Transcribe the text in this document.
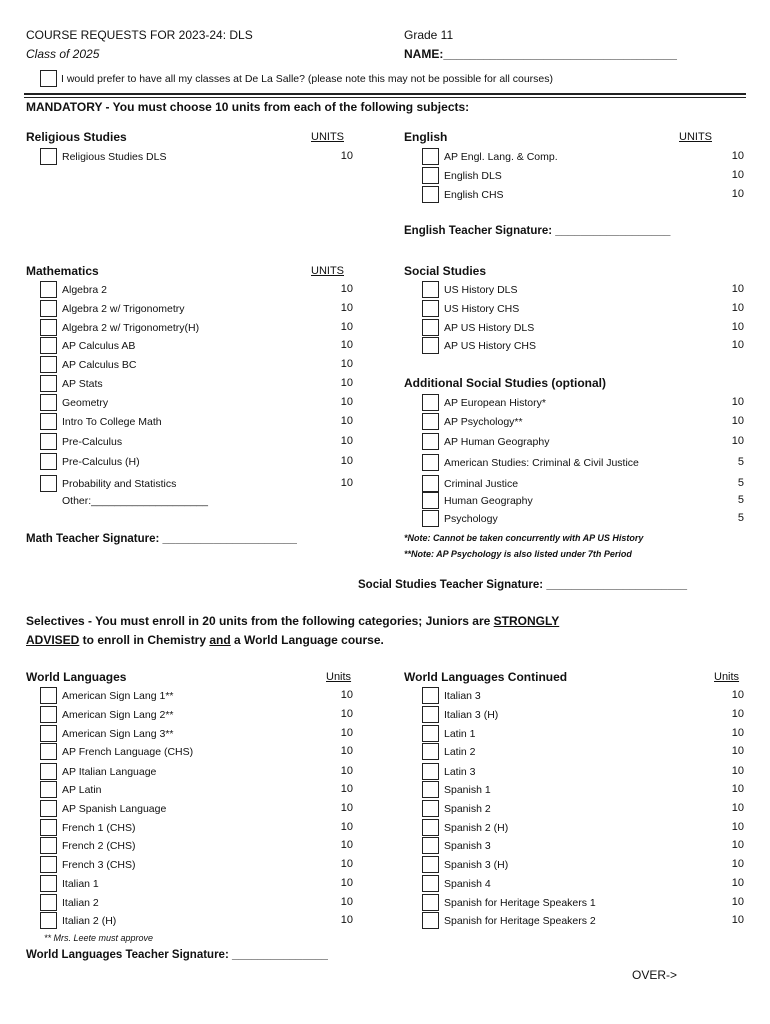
COURSE REQUESTS FOR 2023-24: DLS
Class of 2025
Grade 11
NAME:___________________________________
I would prefer to have all my classes at De La Salle? (please note this may not be possible for all courses)
MANDATORY - You must choose 10 units from each of the following subjects:
Religious Studies	UNITS
Religious Studies DLS	10
English	UNITS
AP Engl. Lang. & Comp.	10
English DLS	10
English CHS	10
English Teacher Signature: __________________
Mathematics	UNITS
Algebra 2	10
Algebra 2 w/ Trigonometry	10
Algebra 2 w/ Trigonometry(H)	10
AP Calculus AB	10
AP Calculus BC	10
AP Stats	10
Geometry	10
Intro To College Math	10
Pre-Calculus	10
Pre-Calculus (H)	10
Probability and Statistics	10
Other:____________________
Math Teacher Signature: _____________________
Social Studies
US History DLS	10
US History CHS	10
AP US History DLS	10
AP US History CHS	10
Additional Social Studies (optional)
AP European History*	10
AP Psychology**	10
AP Human Geography	10
American Studies: Criminal & Civil Justice	5
Criminal Justice	5
Human Geography	5
Psychology	5
*Note: Cannot be taken concurrently with AP US History
**Note: AP Psychology is also listed under 7th Period
Social Studies Teacher Signature: ______________________
Selectives - You must enroll in 20 units from the following categories; Juniors are STRONGLY
ADVISED to enroll in Chemistry and a World Language course.
World Languages	Units
American Sign Lang 1**	10
American Sign Lang 2**	10
American Sign Lang 3**	10
AP French Language (CHS)	10
AP Italian Language	10
AP Latin	10
AP Spanish Language	10
French 1 (CHS)	10
French 2 (CHS)	10
French 3 (CHS)	10
Italian 1	10
Italian 2	10
Italian 2 (H)	10
** Mrs. Leete must approve
World Languages Teacher Signature: _______________
World Languages Continued	Units
Italian 3	10
Italian 3 (H)	10
Latin 1	10
Latin 2	10
Latin 3	10
Spanish 1	10
Spanish 2	10
Spanish 2 (H)	10
Spanish 3	10
Spanish 3 (H)	10
Spanish 4	10
Spanish for Heritage Speakers 1	10
Spanish for Heritage Speakers 2	10
OVER->
